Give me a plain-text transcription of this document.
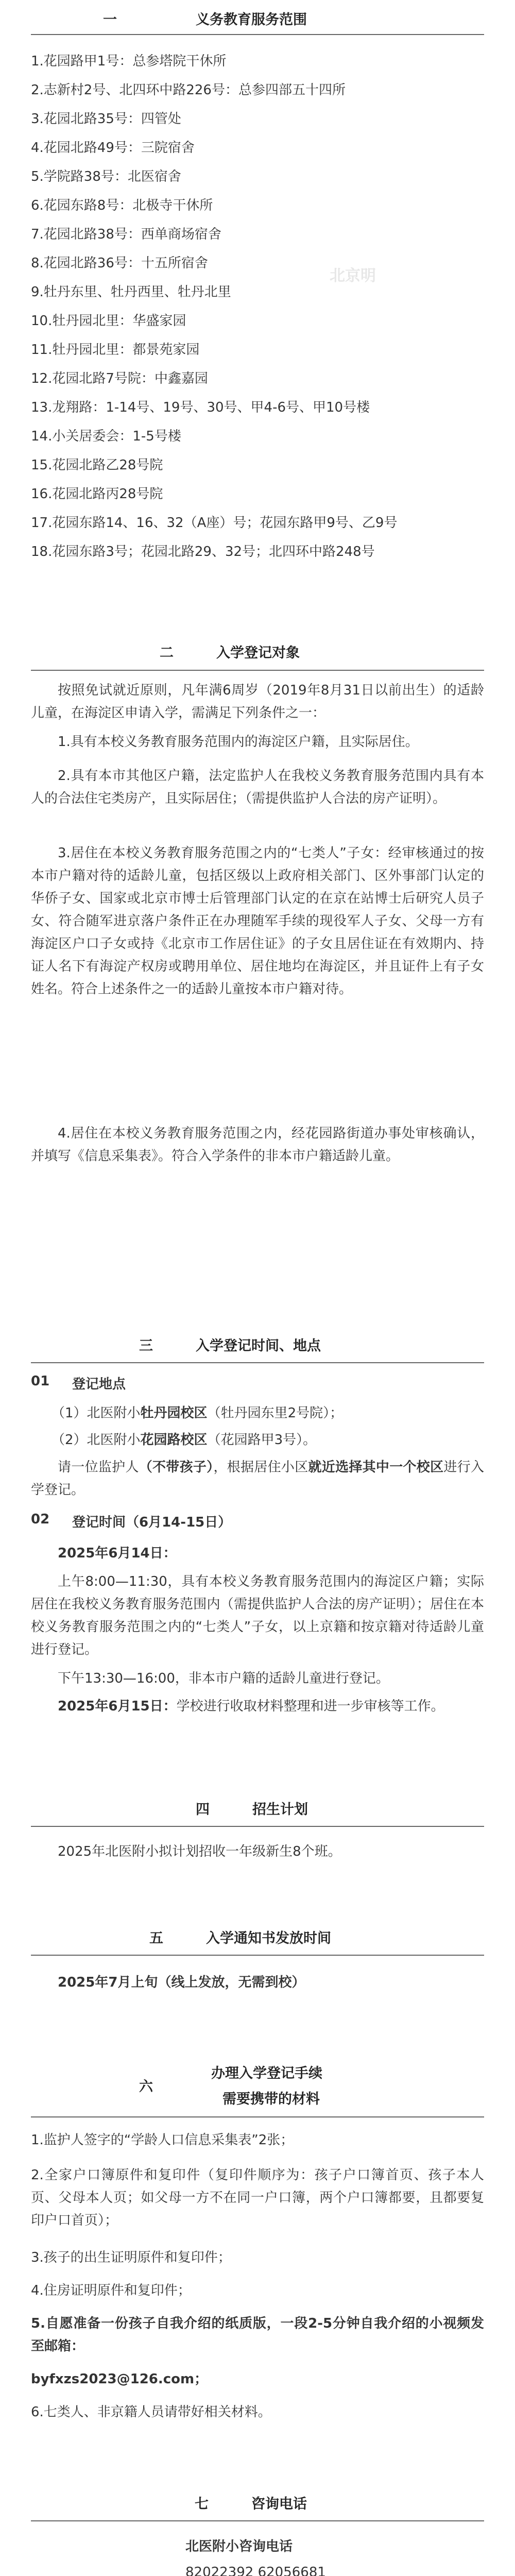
北京明
一	义务教育服务范围
1.花园路甲1号：总参塔院干休所
2.志新村2号、北四环中路226号：总参四部五十四所
3.花园北路35号：四管处
4.花园北路49号：三院宿舍
5.学院路38号：北医宿舍
6.花园东路8号：北极寺干休所
7.花园北路38号：西单商场宿舍
8.花园北路36号：十五所宿舍
9.牡丹东里、牡丹西里、牡丹北里
10.牡丹园北里：华盛家园
11.牡丹园北里：都景苑家园
12.花园北路7号院：中鑫嘉园
13.龙翔路：1-14号、19号、30号、甲4-6号、甲10号楼
14.小关居委会：1-5号楼
15.花园北路乙28号院
16.花园北路丙28号院
17.花园东路14、16、32（A座）号；花园东路甲9号、乙9号
18.花园东路3号；花园北路29、32号；北四环中路248号
二	入学登记对象
按照免试就近原则，凡年满6周岁（2019年8月31日以前出生）的适龄儿童，在海淀区申请入学，需满足下列条件之一：
1.具有本校义务教育服务范围内的海淀区户籍，且实际居住。
2.具有本市其他区户籍，法定监护人在我校义务教育服务范围内具有本人的合法住宅类房产，且实际居住；（需提供监护人合法的房产证明）。
3.居住在本校义务教育服务范围之内的“七类人”子女：经审核通过的按本市户籍对待的适龄儿童，包括区级以上政府相关部门、区外事部门认定的华侨子女、国家或北京市博士后管理部门认定的在京在站博士后研究人员子女、符合随军进京落户条件正在办理随军手续的现役军人子女、父母一方有海淀区户口子女或持《北京市工作居住证》的子女且居住证在有效期内、持证人名下有海淀产权房或聘用单位、居住地均在海淀区，并且证件上有子女姓名。符合上述条件之一的适龄儿童按本市户籍对待。
4.居住在本校义务教育服务范围之内，经花园路街道办事处审核确认，并填写《信息采集表》。符合入学条件的非本市户籍适龄儿童。
三	入学登记时间、地点
01 登记地点
（1）北医附小牡丹园校区（牡丹园东里2号院）；
（2）北医附小花园路校区（花园路甲3号）。
请一位监护人（不带孩子），根据居住小区就近选择其中一个校区进行入学登记。
02 登记时间（6月14-15日）
2025年6月14日：
上午8:00—11:30，具有本校义务教育服务范围内的海淀区户籍；实际居住在我校义务教育服务范围内（需提供监护人合法的房产证明）；居住在本校义务教育服务范围之内的“七类人”子女，以上京籍和按京籍对待适龄儿童进行登记。
下午13:30—16:00，非本市户籍的适龄儿童进行登记。
2025年6月15日：学校进行收取材料整理和进一步审核等工作。
四	招生计划
2025年北医附小拟计划招收一年级新生8个班。
五	入学通知书发放时间
2025年7月上旬（线上发放，无需到校）
六
办理入学登记手续
需要携带的材料
1.监护人签字的“学龄人口信息采集表”2张；
2.全家户口簿原件和复印件（复印件顺序为：孩子户口簿首页、孩子本人页、父母本人页；如父母一方不在同一户口簿，两个户口簿都要，且都要复印户口首页）；
3.孩子的出生证明原件和复印件；
4.住房证明原件和复印件；
5.自愿准备一份孩子自我介绍的纸质版，一段2-5分钟自我介绍的小视频发至邮箱：
byfxzs2023@126.com；
6.七类人、非京籍人员请带好相关材料。
七	咨询电话
北医附小咨询电话
82022392 62056681
